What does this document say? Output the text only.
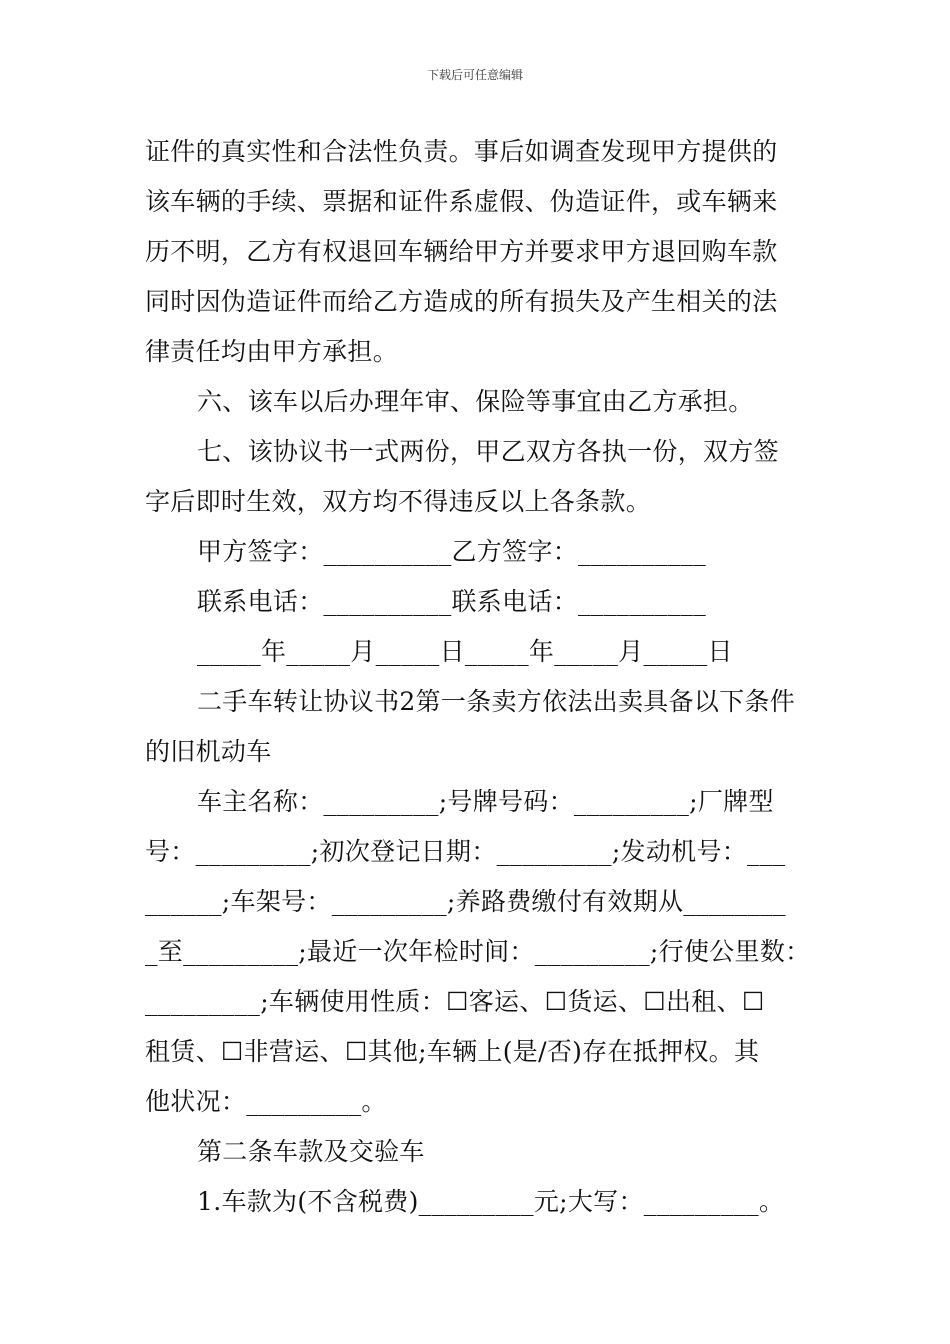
下载后可任意编辑
证件的真实性和合法性负责。事后如调查发现甲方提供的
该车辆的手续、票据和证件系虚假、伪造证件，或车辆来
历不明，乙方有权退回车辆给甲方并要求甲方退回购车款
同时因伪造证件而给乙方造成的所有损失及产生相关的法
律责任均由甲方承担。
六、该车以后办理年审、保险等事宜由乙方承担。
七、该协议书一式两份，甲乙双方各执一份，双方签
字后即时生效，双方均不得违反以上各条款。
甲方签字：__________乙方签字：__________
联系电话：__________联系电话：__________
_____年_____月_____日_____年_____月_____日
二手车转让协议书2第一条卖方依法出卖具备以下条件
的旧机动车
车主名称：_________;号牌号码：_________;厂牌型
号：_________;初次登记日期：_________;发动机号：___
______;车架号：_________;养路费缴付有效期从________
_至_________;最近一次年检时间：_________;行使公里数：
_________;车辆使用性质：☐客运、☐货运、☐出租、☐
租赁、☐非营运、☐其他;车辆上(是/否)存在抵押权。其
他状况：_________。
第二条车款及交验车
1.车款为(不含税费)_________元;大写：_________。
